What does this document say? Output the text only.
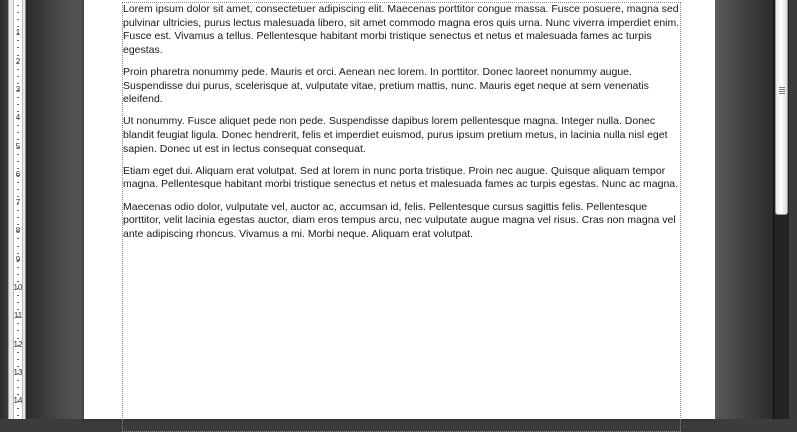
1
2
3
4
5
6
7
8
9
10
11
12
13
14

Lorem ipsum dolor sit amet, consectetuer adipiscing elit. Maecenas porttitor congue massa. Fusce posuere, magna sed pulvinar ultricies, purus lectus malesuada libero, sit amet commodo magna eros quis urna. Nunc viverra imperdiet enim. Fusce est. Vivamus a tellus. Pellentesque habitant morbi tristique senectus et netus et malesuada fames ac turpis egestas.

Proin pharetra nonummy pede. Mauris et orci. Aenean nec lorem. In porttitor. Donec laoreet nonummy augue. Suspendisse dui purus, scelerisque at, vulputate vitae, pretium mattis, nunc. Mauris eget neque at sem venenatis eleifend.

Ut nonummy. Fusce aliquet pede non pede. Suspendisse dapibus lorem pellentesque magna. Integer nulla. Donec blandit feugiat ligula. Donec hendrerit, felis et imperdiet euismod, purus ipsum pretium metus, in lacinia nulla nisl eget sapien. Donec ut est in lectus consequat consequat.

Etiam eget dui. Aliquam erat volutpat. Sed at lorem in nunc porta tristique. Proin nec augue. Quisque aliquam tempor magna. Pellentesque habitant morbi tristique senectus et netus et malesuada fames ac turpis egestas. Nunc ac magna.

Maecenas odio dolor, vulputate vel, auctor ac, accumsan id, felis. Pellentesque cursus sagittis felis. Pellentesque porttitor, velit lacinia egestas auctor, diam eros tempus arcu, nec vulputate augue magna vel risus. Cras non magna vel ante adipiscing rhoncus. Vivamus a mi. Morbi neque. Aliquam erat volutpat.
